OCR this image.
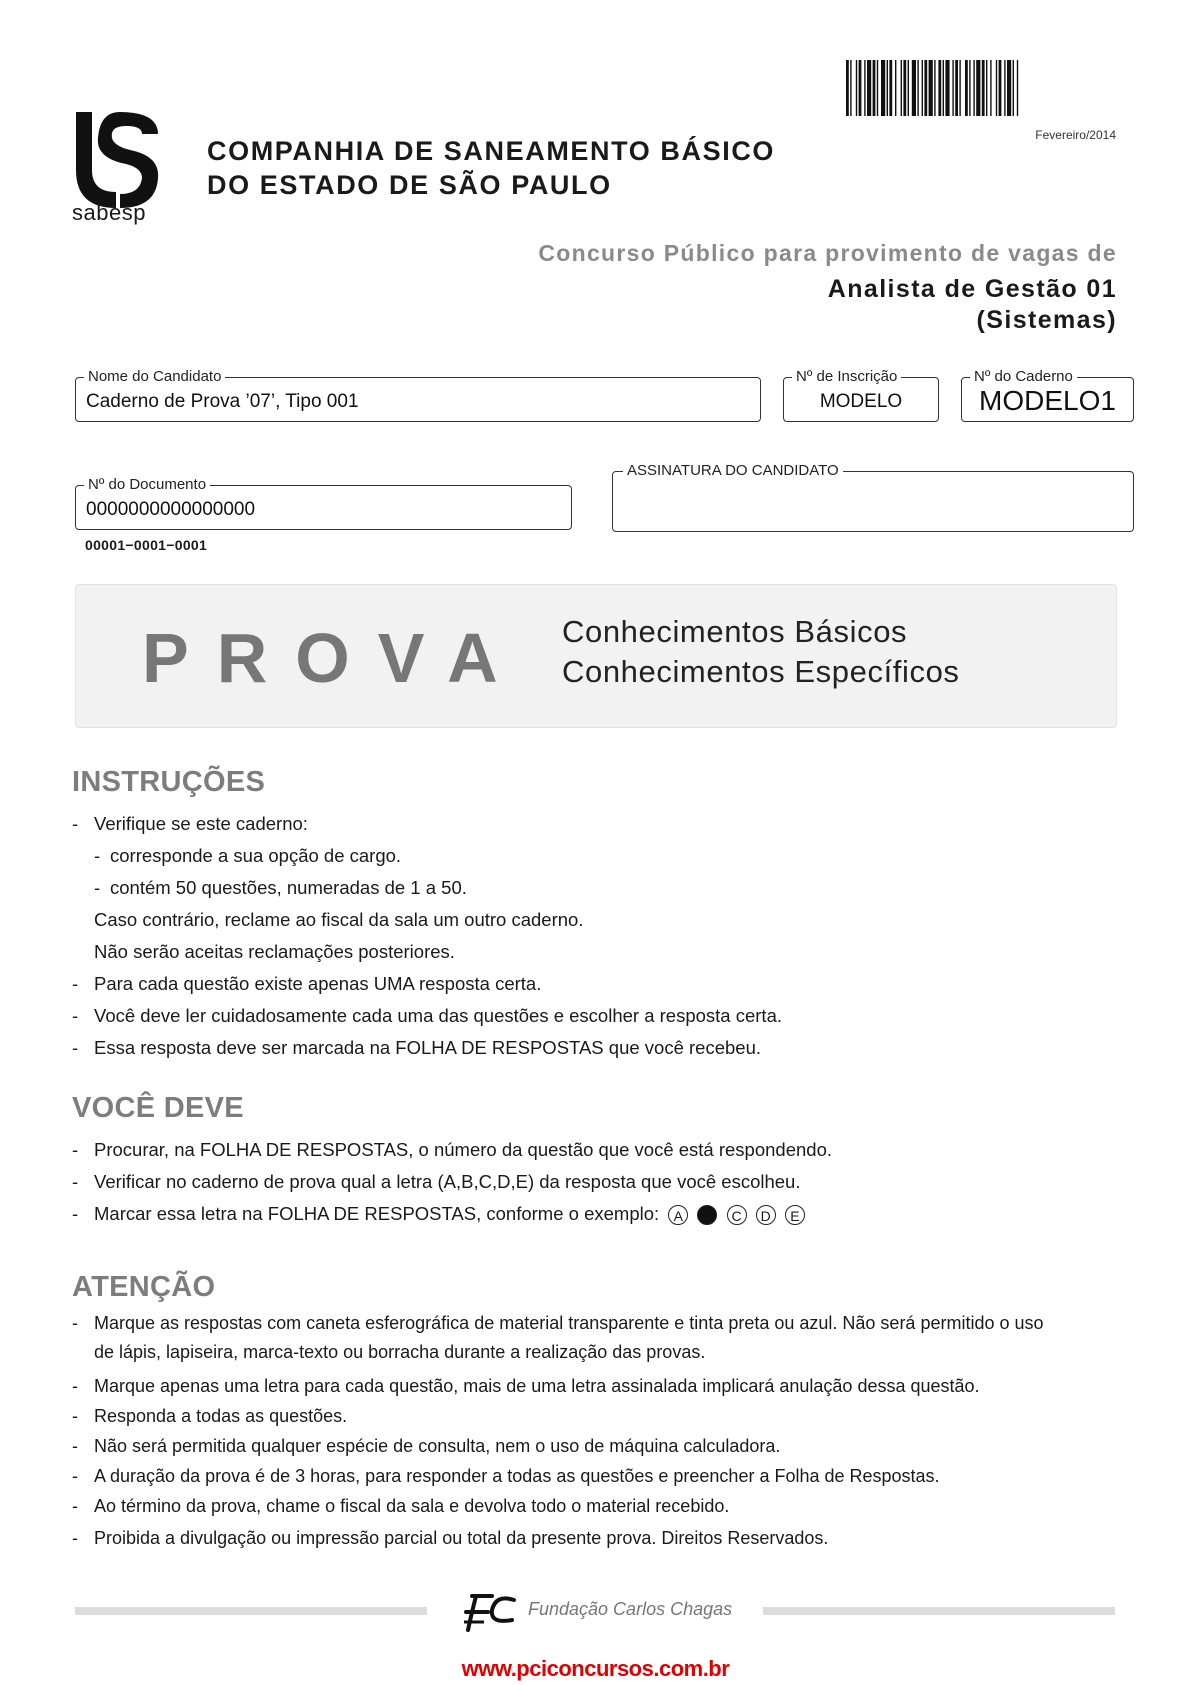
sabesp
COMPANHIA DE SANEAMENTO BÁSICO
DO ESTADO DE SÃO PAULO
Fevereiro/2014
Concurso Público para provimento de vagas de
Analista de Gestão 01
(Sistemas)
Nome do Candidato
Caderno de Prova ’07’, Tipo 001
Nº de Inscrição
MODELO
Nº do Caderno
MODELO1
Nº do Documento
0000000000000000
ASSINATURA DO CANDIDATO
00001−0001−0001
PROVA Conhecimentos Básicos
Conhecimentos Específicos
INSTRUÇÕES
- Verifique se este caderno:
- corresponde a sua opção de cargo.
- contém 50 questões, numeradas de 1 a 50.
Caso contrário, reclame ao fiscal da sala um outro caderno.
Não serão aceitas reclamações posteriores.
- Para cada questão existe apenas UMA resposta certa.
- Você deve ler cuidadosamente cada uma das questões e escolher a resposta certa.
- Essa resposta deve ser marcada na FOLHA DE RESPOSTAS que você recebeu.
VOCÊ DEVE
- Procurar, na FOLHA DE RESPOSTAS, o número da questão que você está respondendo.
- Verificar no caderno de prova qual a letra (A,B,C,D,E) da resposta que você escolheu.
- Marcar essa letra na FOLHA DE RESPOSTAS, conforme o exemplo: A	C D E
ATENÇÃO
- Marque as respostas com caneta esferográfica de material transparente e tinta preta ou azul. Não será permitido o uso
de lápis, lapiseira, marca-texto ou borracha durante a realização das provas.
- Marque apenas uma letra para cada questão, mais de uma letra assinalada implicará anulação dessa questão.
- Responda a todas as questões.
- Não será permitida qualquer espécie de consulta, nem o uso de máquina calculadora.
- A duração da prova é de 3 horas, para responder a todas as questões e preencher a Folha de Respostas.
- Ao término da prova, chame o fiscal da sala e devolva todo o material recebido.
- Proibida a divulgação ou impressão parcial ou total da presente prova. Direitos Reservados.
Fundação Carlos Chagas
www.pciconcursos.com.br
